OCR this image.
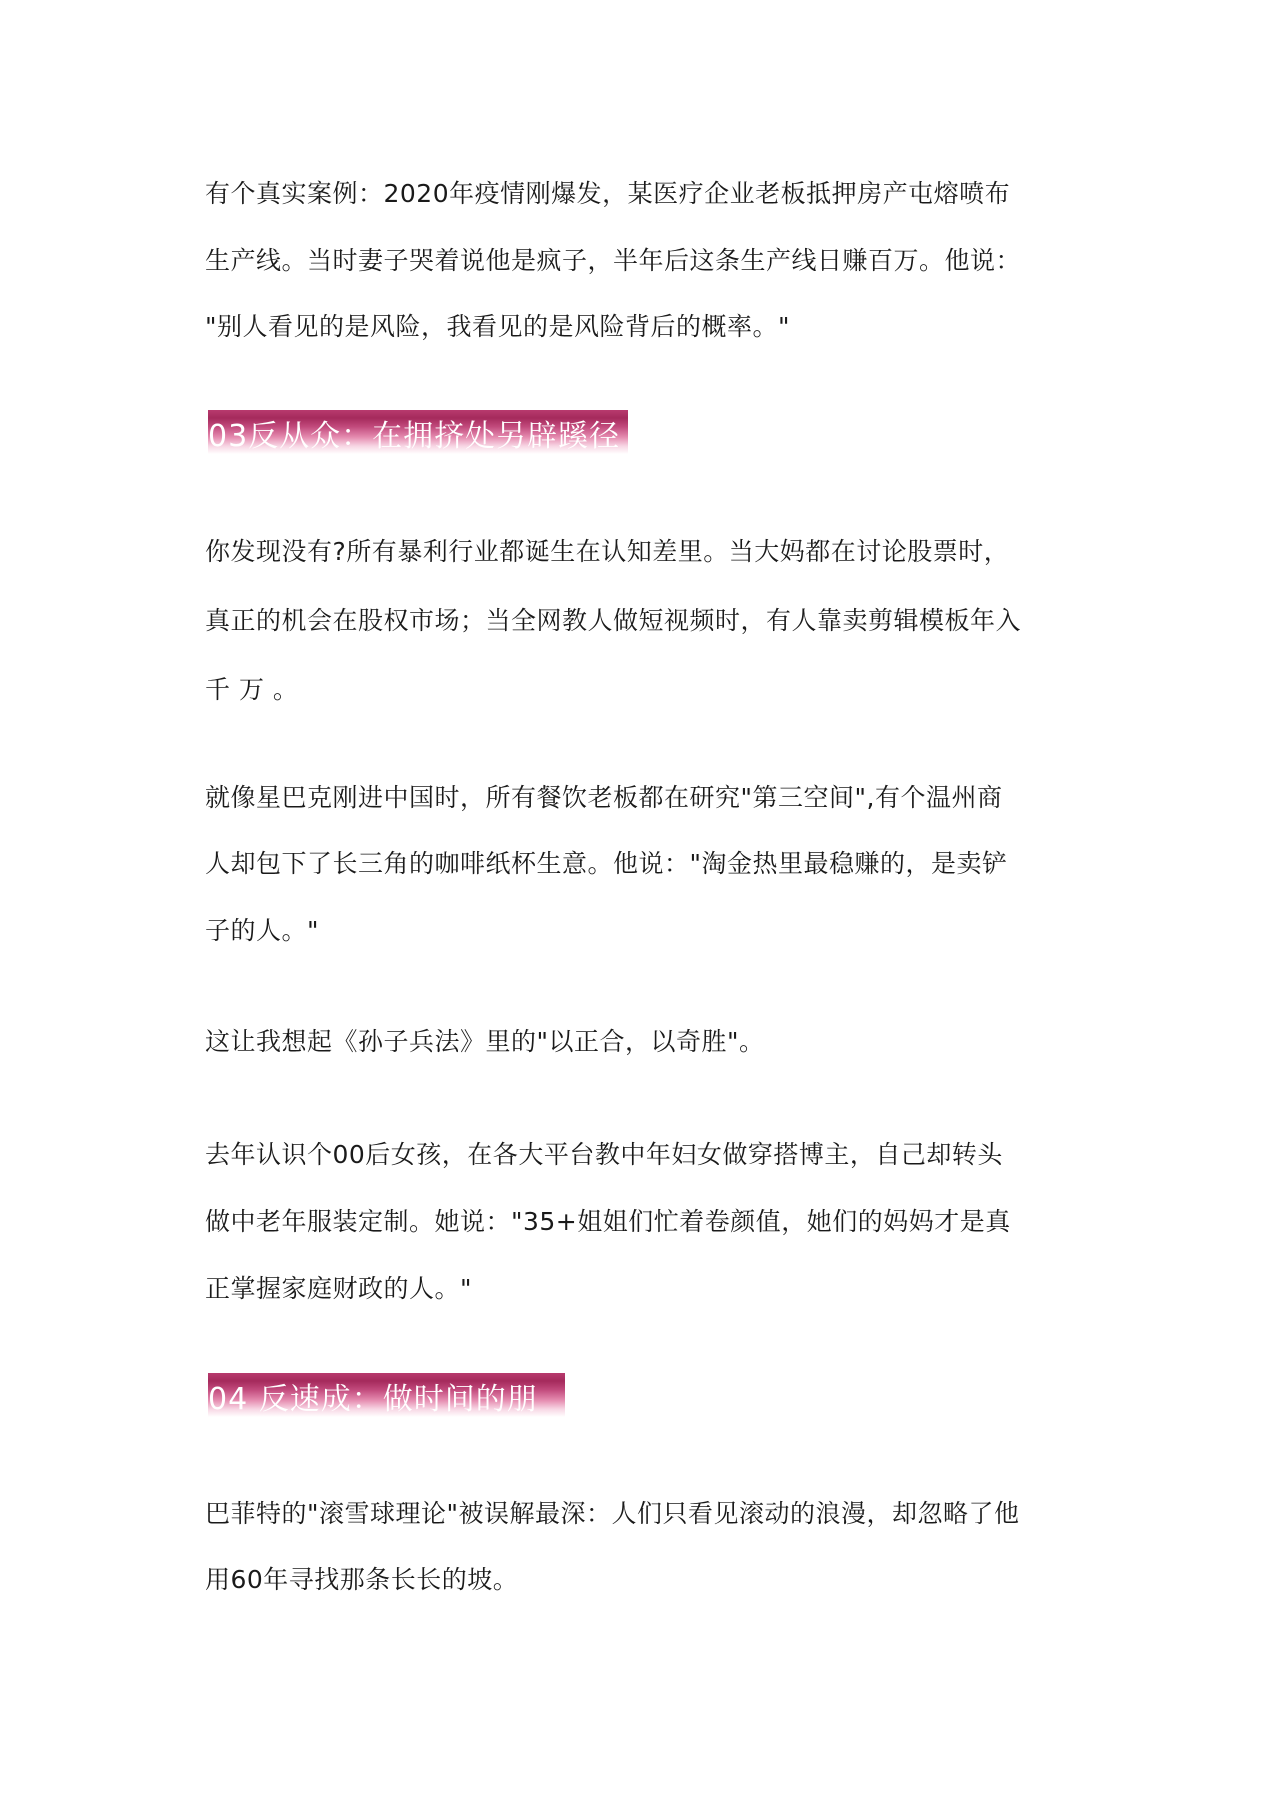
有个真实案例：2020年疫情刚爆发，某医疗企业老板抵押房产屯熔喷布
生产线。当时妻子哭着说他是疯子，半年后这条生产线日赚百万。他说：
"别人看见的是风险，我看见的是风险背后的概率。"
03反从众：在拥挤处另辟蹊径
你发现没有?所有暴利行业都诞生在认知差里。当大妈都在讨论股票时，
真正的机会在股权市场；当全网教人做短视频时，有人靠卖剪辑模板年入
千 万 。
就像星巴克刚进中国时，所有餐饮老板都在研究"第三空间",有个温州商
人却包下了长三角的咖啡纸杯生意。他说："淘金热里最稳赚的，是卖铲
子的人。"
这让我想起《孙子兵法》里的"以正合，以奇胜"。
去年认识个00后女孩，在各大平台教中年妇女做穿搭博主，自己却转头
做中老年服装定制。她说："35+姐姐们忙着卷颜值，她们的妈妈才是真
正掌握家庭财政的人。"
04 反速成：做时间的朋
巴菲特的"滚雪球理论"被误解最深：人们只看见滚动的浪漫，却忽略了他
用60年寻找那条长长的坡。
